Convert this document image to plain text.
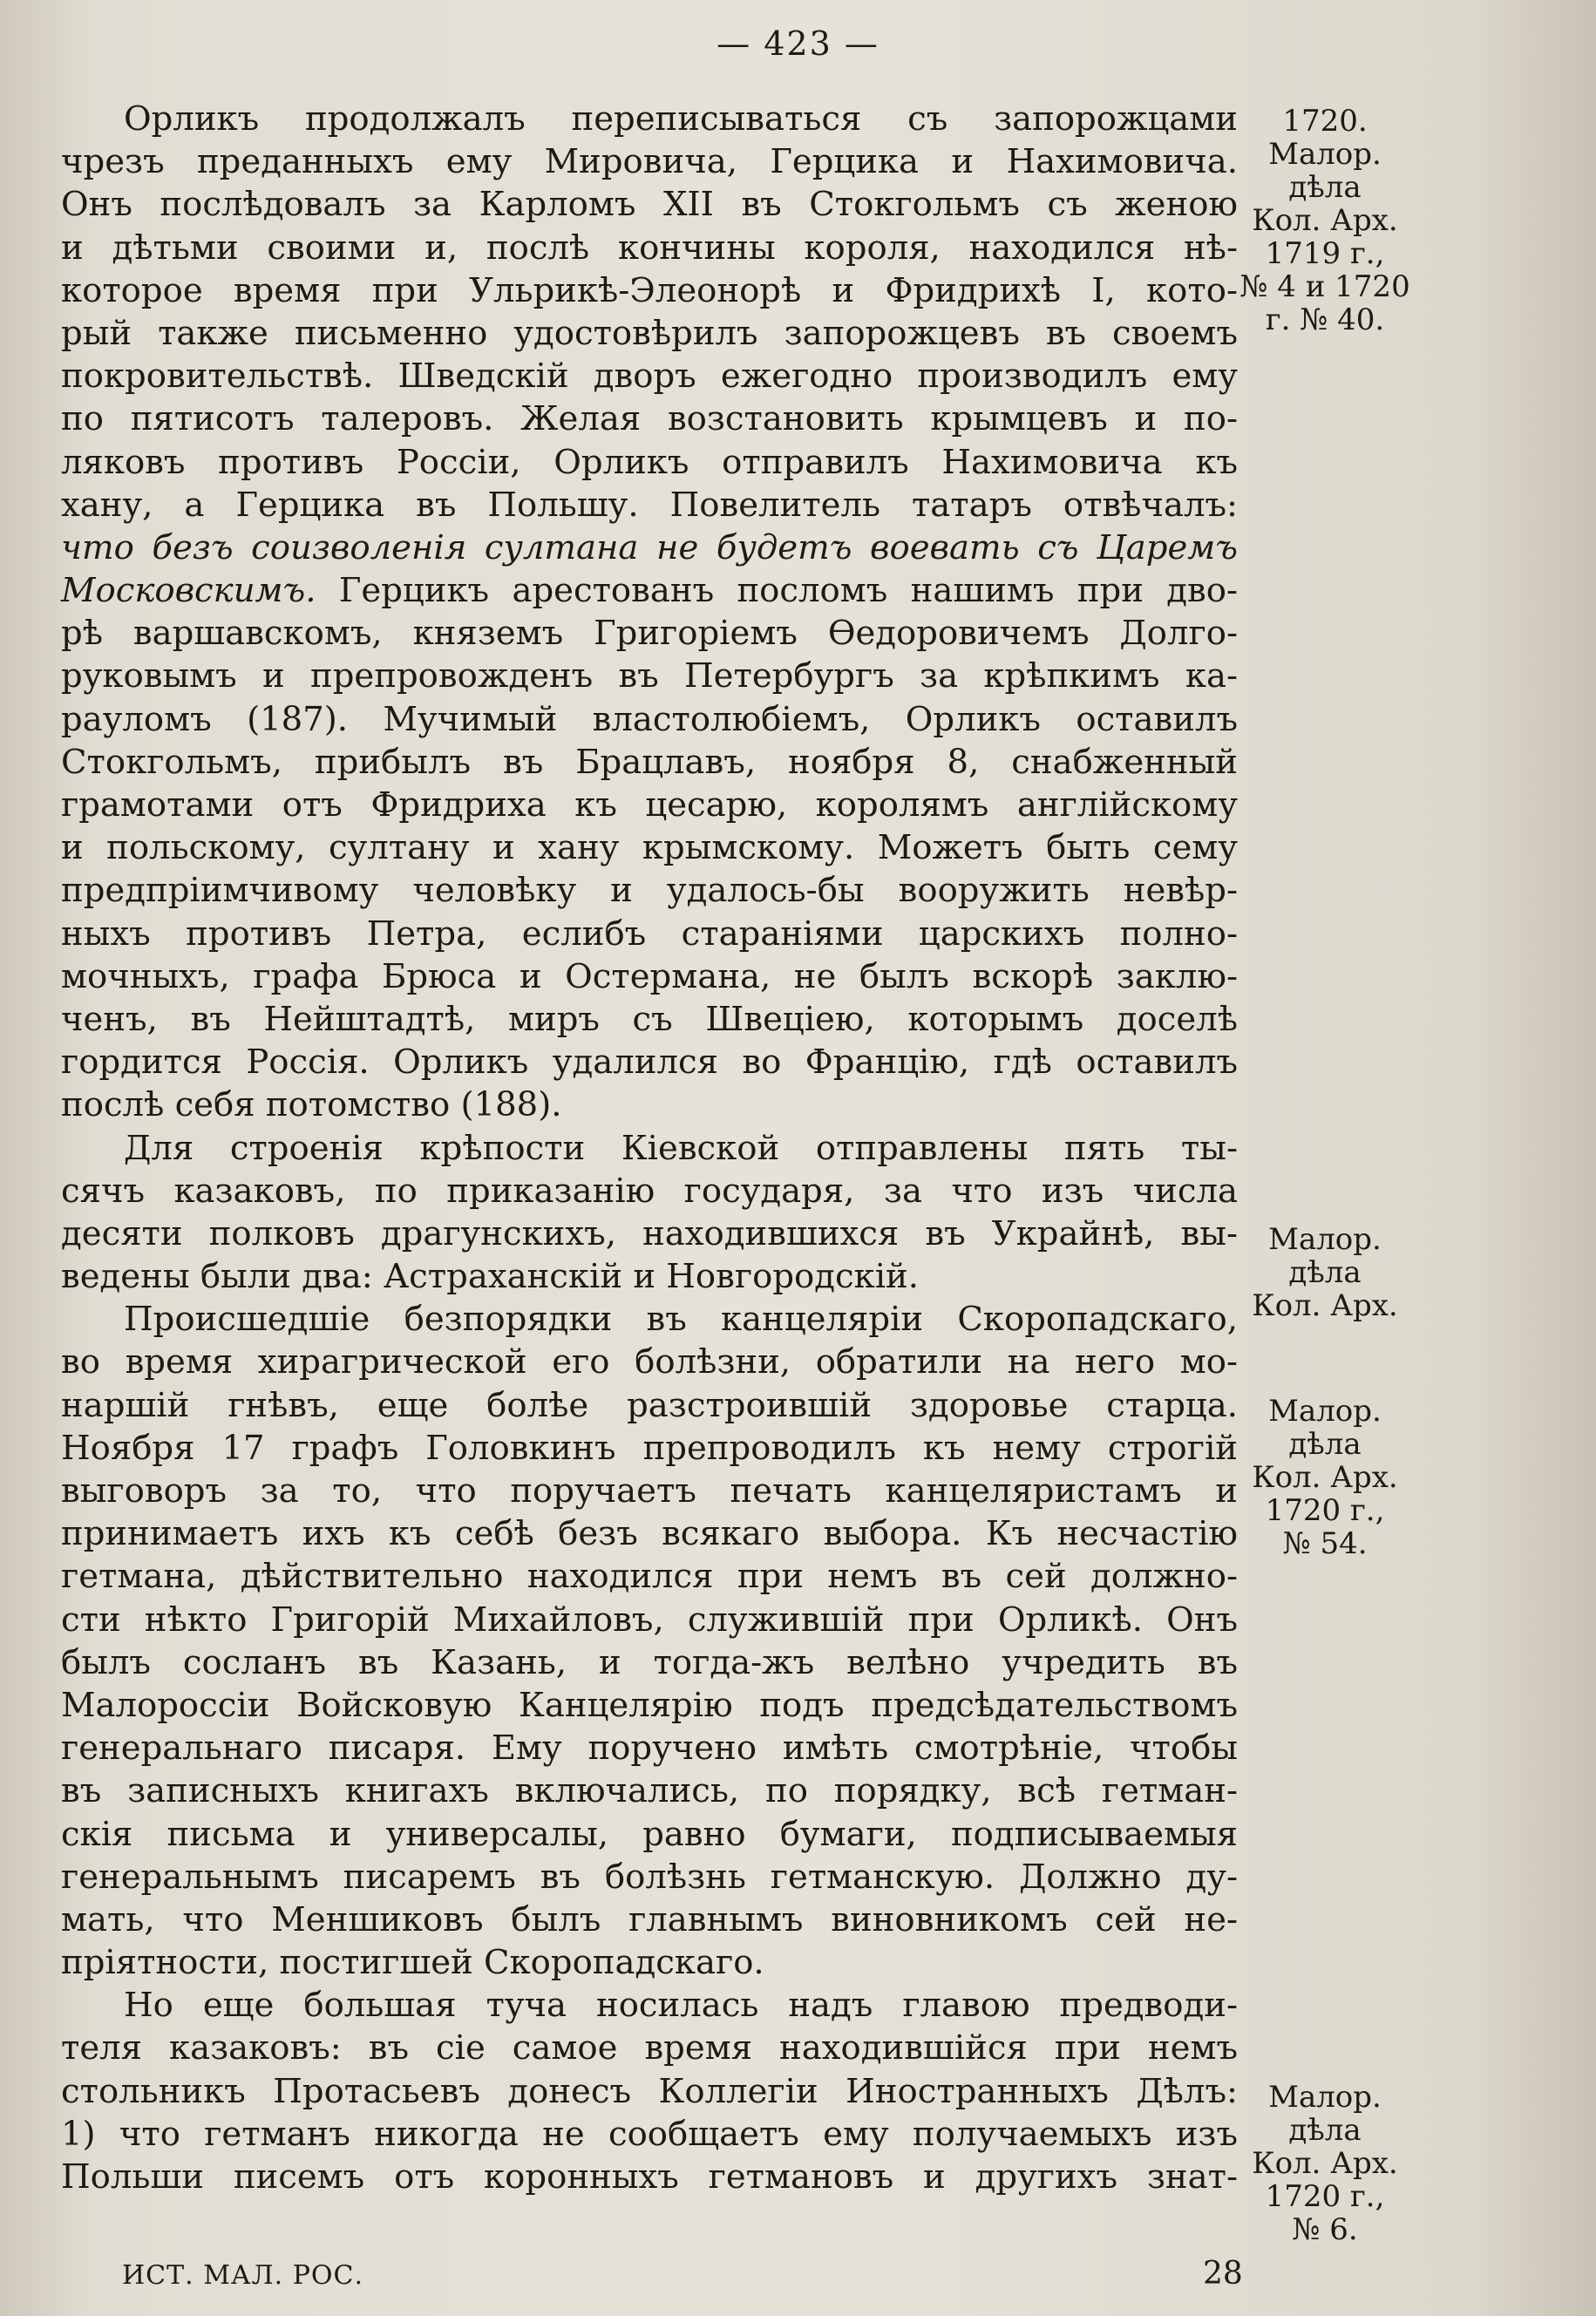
— 423 —
Орликъ продолжалъ переписываться съ запорожцами
чрезъ преданныхъ ему Мировича, Герцика и Нахимовича.
Онъ послѣдовалъ за Карломъ XII въ Стокгольмъ съ женою
и дѣтьми своими и, послѣ кончины короля, находился нѣ-
которое время при Ульрикѣ-Элеонорѣ и Фридрихѣ I, кото-
рый также письменно удостовѣрилъ запорожцевъ въ своемъ
покровительствѣ. Шведскій дворъ ежегодно производилъ ему
по пятисотъ талеровъ. Желая возстановить крымцевъ и по-
ляковъ противъ Россіи, Орликъ отправилъ Нахимовича къ
хану, а Герцика въ Польшу. Повелитель татаръ отвѣчалъ:
что безъ соизволенія султана не будетъ воевать съ Царемъ
Московскимъ. Герцикъ арестованъ посломъ нашимъ при дво-
рѣ варшавскомъ, княземъ Григоріемъ Өедоровичемъ Долго-
руковымъ и препровожденъ въ Петербургъ за крѣпкимъ ка-
рауломъ (187). Мучимый властолюбіемъ, Орликъ оставилъ
Стокгольмъ, прибылъ въ Брацлавъ, ноября 8, снабженный
грамотами отъ Фридриха къ цесарю, королямъ англійскому
и польскому, султану и хану крымскому. Можетъ быть сему
предпріимчивому человѣку и удалось-бы вооружить невѣр-
ныхъ противъ Петра, еслибъ стараніями царскихъ полно-
мочныхъ, графа Брюса и Остермана, не былъ вскорѣ заклю-
ченъ, въ Нейштадтѣ, миръ съ Швеціею, которымъ доселѣ
гордится Россія. Орликъ удалился во Францію, гдѣ оставилъ
послѣ себя потомство (188).
Для строенія крѣпости Кіевской отправлены пять ты-
сячъ казаковъ, по приказанію государя, за что изъ числа
десяти полковъ драгунскихъ, находившихся въ Украйнѣ, вы-
ведены были два: Астраханскій и Новгородскій.
Происшедшіе безпорядки въ канцеляріи Скоропадскаго,
во время хирагрической его болѣзни, обратили на него мо-
наршій гнѣвъ, еще болѣе разстроившій здоровье старца.
Ноября 17 графъ Головкинъ препроводилъ къ нему строгій
выговоръ за то, что поручаетъ печать канцеляристамъ и
принимаетъ ихъ къ себѣ безъ всякаго выбора. Къ несчастію
гетмана, дѣйствительно находился при немъ въ сей должно-
сти нѣкто Григорій Михайловъ, служившій при Орликѣ. Онъ
былъ сосланъ въ Казань, и тогда-жъ велѣно учредить въ
Малороссіи Войсковую Канцелярію подъ предсѣдательствомъ
генеральнаго писаря. Ему поручено имѣть смотрѣніе, чтобы
въ записныхъ книгахъ включались, по порядку, всѣ гетман-
скія письма и универсалы, равно бумаги, подписываемыя
генеральнымъ писаремъ въ болѣзнь гетманскую. Должно ду-
мать, что Меншиковъ былъ главнымъ виновникомъ сей не-
пріятности, постигшей Скоропадскаго.
Но еще большая туча носилась надъ главою предводи-
теля казаковъ: въ сіе самое время находившійся при немъ
стольникъ Протасьевъ донесъ Коллегіи Иностранныхъ Дѣлъ:
1) что гетманъ никогда не сообщаетъ ему получаемыхъ изъ
Польши писемъ отъ коронныхъ гетмановъ и другихъ знат-
1720.
Малор.
дѣла
Кол. Арх.
1719 г.,
№ 4 и 1720
г. № 40.
Малор.
дѣла
Кол. Арх.
Малор.
дѣла
Кол. Арх.
1720 г.,
№ 54.
Малор.
дѣла
Кол. Арх.
1720 г.,
№ 6.
ИСТ. МАЛ. РОС.	28
